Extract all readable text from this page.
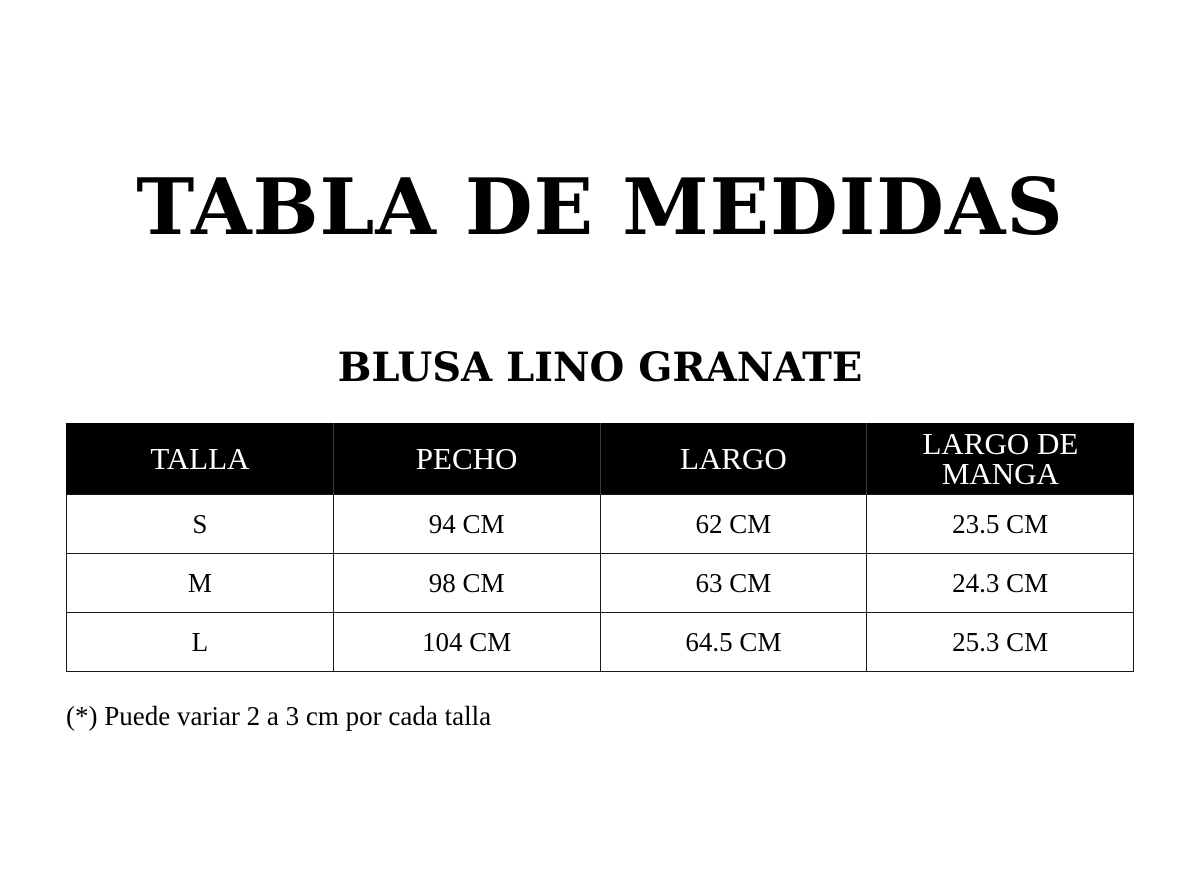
TABLA DE MEDIDAS
BLUSA LINO GRANATE
TALLA	PECHO	LARGO	LARGO DE MANGA
S	94 CM	62 CM	23.5 CM
M	98 CM	63 CM	24.3 CM
L	104 CM	64.5 CM	25.3 CM
(*) Puede variar 2 a 3 cm por cada talla
